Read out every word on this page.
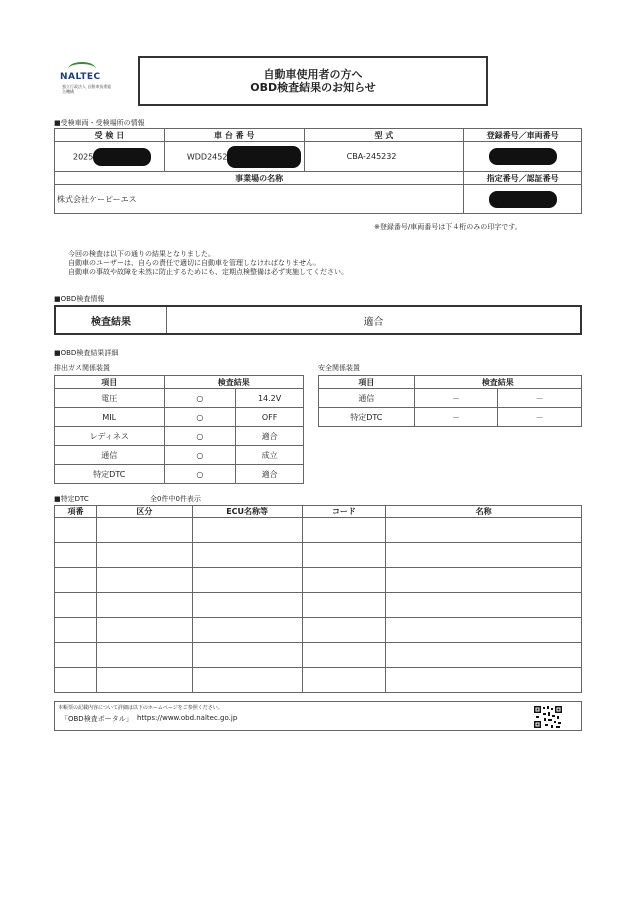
NALTEC
独立行政法人 自動車技術総合機構
自動車使用者の方へ
OBD検査結果のお知らせ
■受検車両・受検場所の情報
受 検 日	車 台 番 号	型 式	登録番号／車両番号
2025	WDD2452	CBA-245232	
事業場の名称			指定番号／認証番号
株式会社ケーピーエス			
※登録番号/車両番号は下４桁のみの印字です。
今回の検査は以下の通りの結果となりました。
自動車のユーザーは、自らの責任で適切に自動車を管理しなければなりません。
自動車の事故や故障を未然に防止するためにも、定期点検整備は必ず実施してください。
■OBD検査情報
検査結果	適合
■OBD検査結果詳細
排出ガス関係装置	安全関係装置
項目	検査結果	
電圧	○	14.2V
MIL	○	OFF
レディネス	○	適合
通信	○	成立
特定DTC	○	適合
項目	検査結果	
通信	－	－
特定DTC	－	－
■特定DTC	全0件中0件表示
項番	区分	ECU名称等	コード	名称

本帳票の記載内容について詳細は以下のホームページをご参照ください。
「OBD検査ポータル」 https://www.obd.naltec.go.jp
